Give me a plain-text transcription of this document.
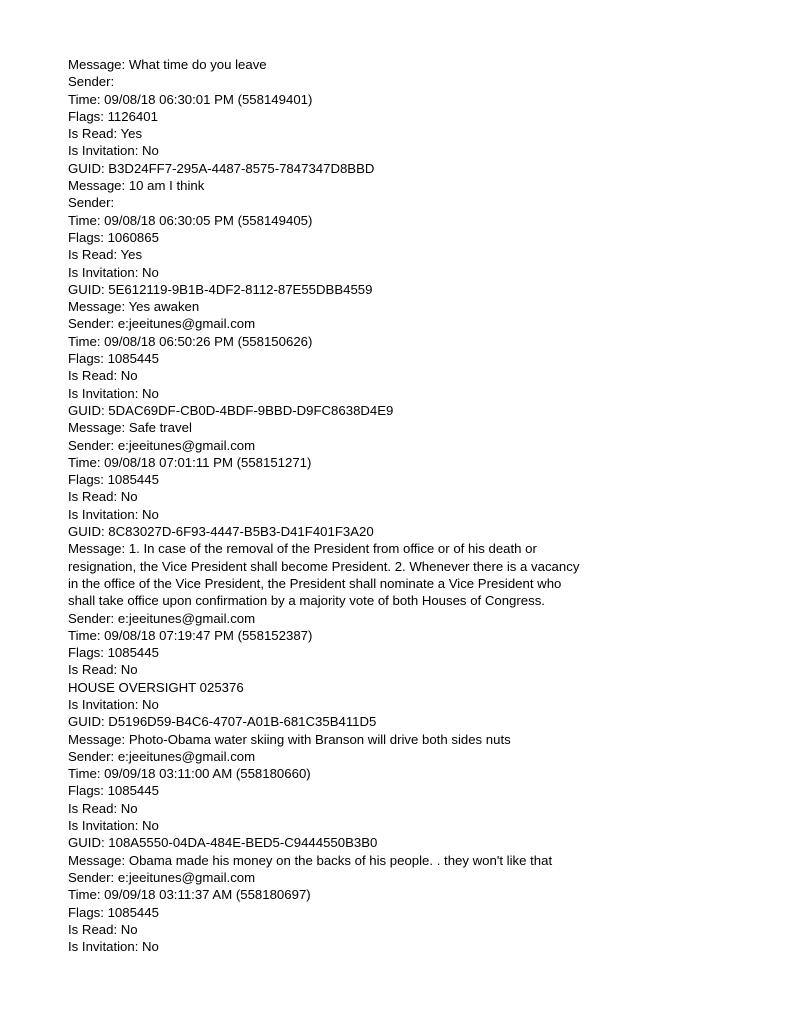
Message: What time do you leave
Sender:
Time: 09/08/18 06:30:01 PM (558149401)
Flags: 1126401
Is Read: Yes
Is Invitation: No
GUID: B3D24FF7-295A-4487-8575-7847347D8BBD
Message: 10 am I think
Sender:
Time: 09/08/18 06:30:05 PM (558149405)
Flags: 1060865
Is Read: Yes
Is Invitation: No
GUID: 5E612119-9B1B-4DF2-8112-87E55DBB4559
Message: Yes awaken
Sender: e:jeeitunes@gmail.com
Time: 09/08/18 06:50:26 PM (558150626)
Flags: 1085445
Is Read: No
Is Invitation: No
GUID: 5DAC69DF-CB0D-4BDF-9BBD-D9FC8638D4E9
Message: Safe travel
Sender: e:jeeitunes@gmail.com
Time: 09/08/18 07:01:11 PM (558151271)
Flags: 1085445
Is Read: No
Is Invitation: No
GUID: 8C83027D-6F93-4447-B5B3-D41F401F3A20
Message: 1. In case of the removal of the President from office or of his death or
resignation, the Vice President shall become President. 2. Whenever there is a vacancy
in the office of the Vice President, the President shall nominate a Vice President who
shall take office upon confirmation by a majority vote of both Houses of Congress.
Sender: e:jeeitunes@gmail.com
Time: 09/08/18 07:19:47 PM (558152387)
Flags: 1085445
Is Read: No
HOUSE OVERSIGHT 025376
Is Invitation: No
GUID: D5196D59-B4C6-4707-A01B-681C35B411D5
Message: Photo-Obama water skiing with Branson will drive both sides nuts
Sender: e:jeeitunes@gmail.com
Time: 09/09/18 03:11:00 AM (558180660)
Flags: 1085445
Is Read: No
Is Invitation: No
GUID: 108A5550-04DA-484E-BED5-C9444550B3B0
Message: Obama made his money on the backs of his people. . they won't like that
Sender: e:jeeitunes@gmail.com
Time: 09/09/18 03:11:37 AM (558180697)
Flags: 1085445
Is Read: No
Is Invitation: No
